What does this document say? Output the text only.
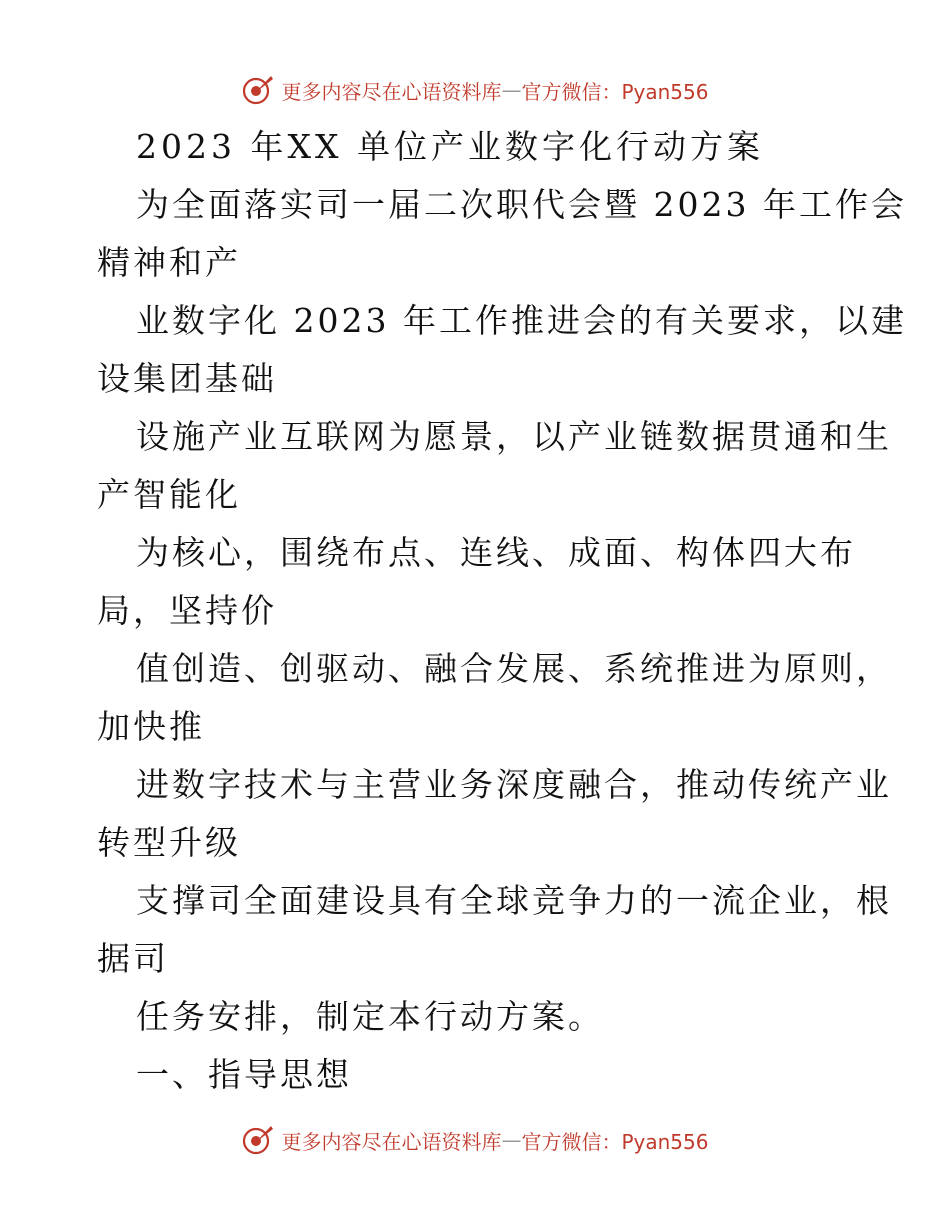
更多内容尽在心语资料库 — 官方微信：Pyan556
2023 年XX 单位产业数字化行动方案
为全面落实司一届二次职代会暨 2023 年工作会
精神和产
业数字化 2023 年工作推进会的有关要求，以建
设集团基础
设施产业互联网为愿景，以产业链数据贯通和生
产智能化
为核心，围绕布点、连线、成面、构体四大布
局，坚持价
值创造、创驱动、融合发展、系统推进为原则，
加快推
进数字技术与主营业务深度融合，推动传统产业
转型升级
支撑司全面建设具有全球竞争力的一流企业，根
据司
任务安排，制定本行动方案。
一、指导思想
更多内容尽在心语资料库 — 官方微信：Pyan556
